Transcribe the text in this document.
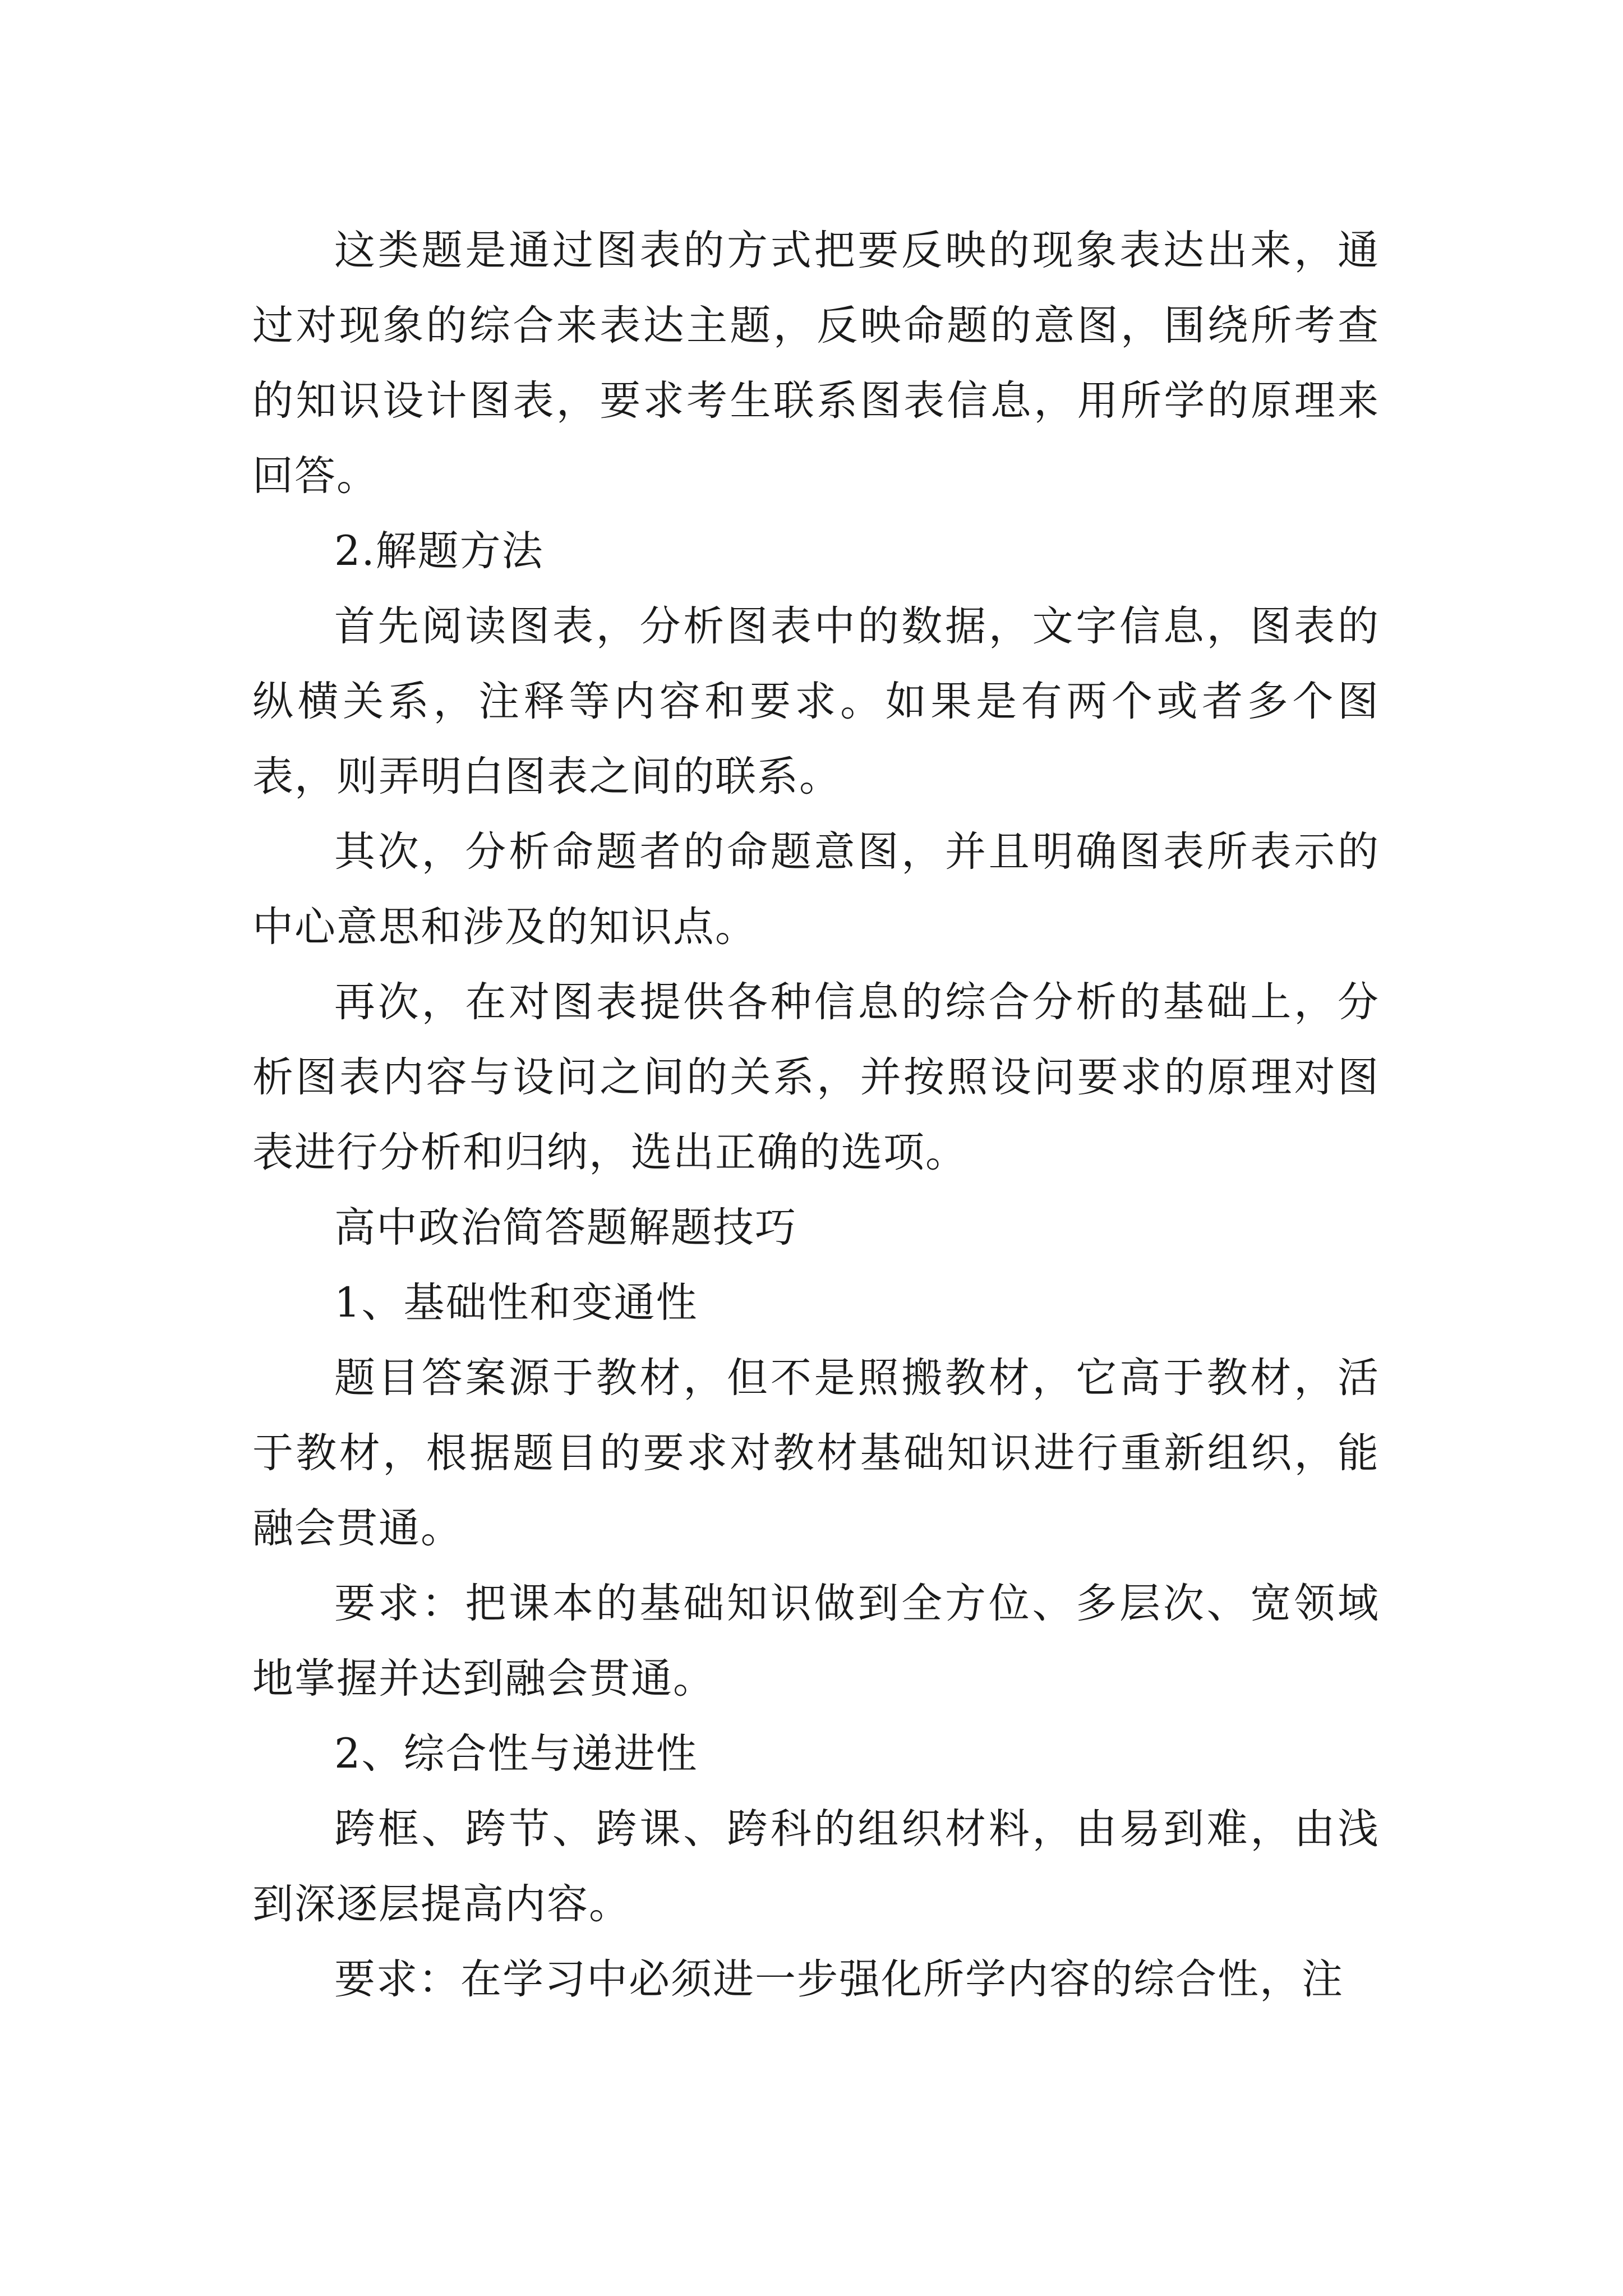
这类题是通过图表的方式把要反映的现象表达出来，通过对现象的综合来表达主题，反映命题的意图，围绕所考查的知识设计图表，要求考生联系图表信息，用所学的原理来回答。

2.解题方法

首先阅读图表，分析图表中的数据，文字信息，图表的纵横关系，注释等内容和要求。如果是有两个或者多个图表，则弄明白图表之间的联系。

其次，分析命题者的命题意图，并且明确图表所表示的中心意思和涉及的知识点。

再次，在对图表提供各种信息的综合分析的基础上，分析图表内容与设问之间的关系，并按照设问要求的原理对图表进行分析和归纳，选出正确的选项。

高中政治简答题解题技巧

1、基础性和变通性

题目答案源于教材，但不是照搬教材，它高于教材，活于教材，根据题目的要求对教材基础知识进行重新组织，能融会贯通。

要求：把课本的基础知识做到全方位、多层次、宽领域地掌握并达到融会贯通。

2、综合性与递进性

跨框、跨节、跨课、跨科的组织材料，由易到难，由浅到深逐层提高内容。

要求：在学习中必须进一步强化所学内容的综合性，注
